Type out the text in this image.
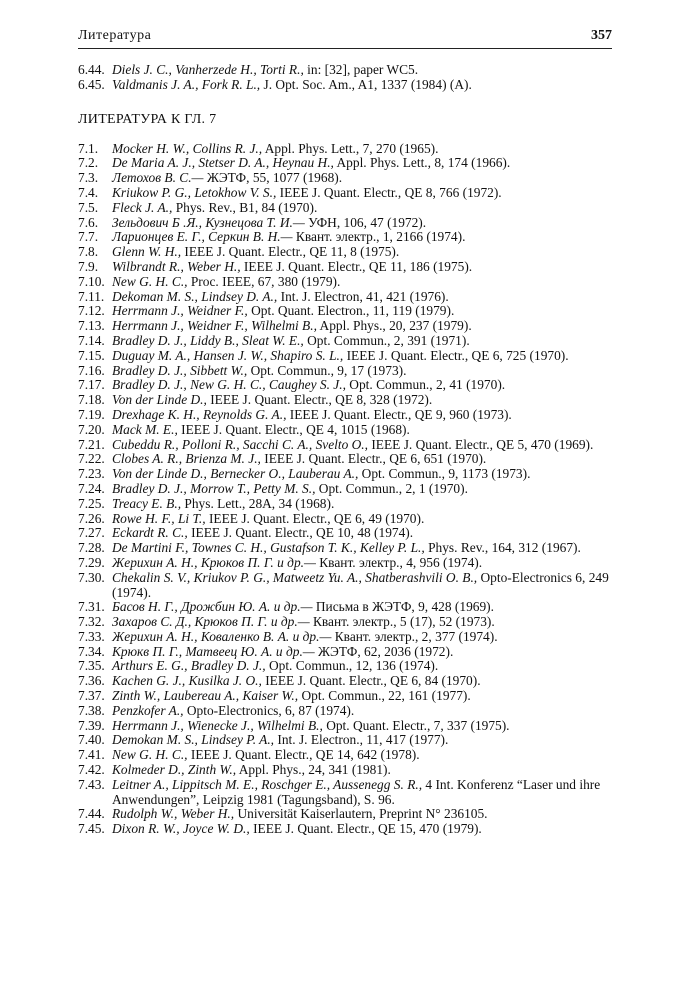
Литература	357
6.44. Diels J. C., Vanherzede H., Torti R., in: [32], paper WC5.
6.45. Valdmanis J. A., Fork R. L., J. Opt. Soc. Am., A1, 1337 (1984) (A).
ЛИТЕРАТУРА К ГЛ. 7
7.1. Mocker H. W., Collins R. J., Appl. Phys. Lett., 7, 270 (1965).
7.2. De Maria A. J., Stetser D. A., Heynau H., Appl. Phys. Lett., 8, 174 (1966).
7.3. Летохов В. С.— ЖЭТФ, 55, 1077 (1968).
7.4. Kriukow P. G., Letokhow V. S., IEEE J. Quant. Electr., QE 8, 766 (1972).
7.5. Fleck J. A., Phys. Rev., B1, 84 (1970).
7.6. Зельдович Б .Я., Кузнецова Т. И.— УФН, 106, 47 (1972).
7.7. Ларионцев Е. Г., Серкин В. Н.— Квант. электр., 1, 2166 (1974).
7.8. Glenn W. H., IEEE J. Quant. Electr., QE 11, 8 (1975).
7.9. Wilbrandt R., Weber H., IEEE J. Quant. Electr., QE 11, 186 (1975).
7.10. New G. H. C., Proc. IEEE, 67, 380 (1979).
7.11. Dekoman M. S., Lindsey D. A., Int. J. Electron, 41, 421 (1976).
7.12. Herrmann J., Weidner F., Opt. Quant. Electron., 11, 119 (1979).
7.13. Herrmann J., Weidner F., Wilhelmi B., Appl. Phys., 20, 237 (1979).
7.14. Bradley D. J., Liddy B., Sleat W. E., Opt. Commun., 2, 391 (1971).
7.15. Duguay M. A., Hansen J. W., Shapiro S. L., IEEE J. Quant. Electr., QE 6, 725 (1970).
7.16. Bradley D. J., Sibbett W., Opt. Commun., 9, 17 (1973).
7.17. Bradley D. J., New G. H. C., Caughey S. J., Opt. Commun., 2, 41 (1970).
7.18. Von der Linde D., IEEE J. Quant. Electr., QE 8, 328 (1972).
7.19. Drexhage K. H., Reynolds G. A., IEEE J. Quant. Electr., QE 9, 960 (1973).
7.20. Mack M. E., IEEE J. Quant. Electr., QE 4, 1015 (1968).
7.21. Cubeddu R., Polloni R., Sacchi C. A., Svelto O., IEEE J. Quant. Electr., QE 5, 470 (1969).
7.22. Clobes A. R., Brienza M. J., IEEE J. Quant. Electr., QE 6, 651 (1970).
7.23. Von der Linde D., Bernecker O., Lauberau A., Opt. Commun., 9, 1173 (1973).
7.24. Bradley D. J., Morrow T., Petty M. S., Opt. Commun., 2, 1 (1970).
7.25. Treacy E. B., Phys. Lett., 28A, 34 (1968).
7.26. Rowe H. F., Li T., IEEE J. Quant. Electr., QE 6, 49 (1970).
7.27. Eckardt R. C., IEEE J. Quant. Electr., QE 10, 48 (1974).
7.28. De Martini F., Townes C. H., Gustafson T. K., Kelley P. L., Phys. Rev., 164, 312 (1967).
7.29. Жерихин А. Н., Крюков П. Г. и др.— Квант. электр., 4, 956 (1974).
7.30. Chekalin S. V., Kriukov P. G., Matweetz Yu. A., Shatberashvili O. B., Opto-Electronics 6, 249 (1974).
7.31. Басов Н. Г., Дрожбин Ю. А. и др.— Письма в ЖЭТФ, 9, 428 (1969).
7.32. Захаров С. Д., Крюков П. Г. и др.— Квант. электр., 5 (17), 52 (1973).
7.33. Жерихин А. Н., Коваленко В. А. и др.— Квант. электр., 2, 377 (1974).
7.34. Крюкв П. Г., Матвеец Ю. А. и др.— ЖЭТФ, 62, 2036 (1972).
7.35. Arthurs E. G., Bradley D. J., Opt. Commun., 12, 136 (1974).
7.36. Kachen G. J., Kusilka J. O., IEEE J. Quant. Electr., QE 6, 84 (1970).
7.37. Zinth W., Laubereau A., Kaiser W., Opt. Commun., 22, 161 (1977).
7.38. Penzkofer A., Opto-Electronics, 6, 87 (1974).
7.39. Herrmann J., Wienecke J., Wilhelmi B., Opt. Quant. Electr., 7, 337 (1975).
7.40. Demokan M. S., Lindsey P. A., Int. J. Electron., 11, 417 (1977).
7.41. New G. H. C., IEEE J. Quant. Electr., QE 14, 642 (1978).
7.42. Kolmeder D., Zinth W., Appl. Phys., 24, 341 (1981).
7.43. Leitner A., Lippitsch M. E., Roschger E., Aussenegg S. R., 4 Int. Konferenz “Laser und ihre Anwendungen”, Leipzig 1981 (Tagungsband), S. 96.
7.44. Rudolph W., Weber H., Universität Kaiserlautern, Preprint N° 236105.
7.45. Dixon R. W., Joyce W. D., IEEE J. Quant. Electr., QE 15, 470 (1979).
